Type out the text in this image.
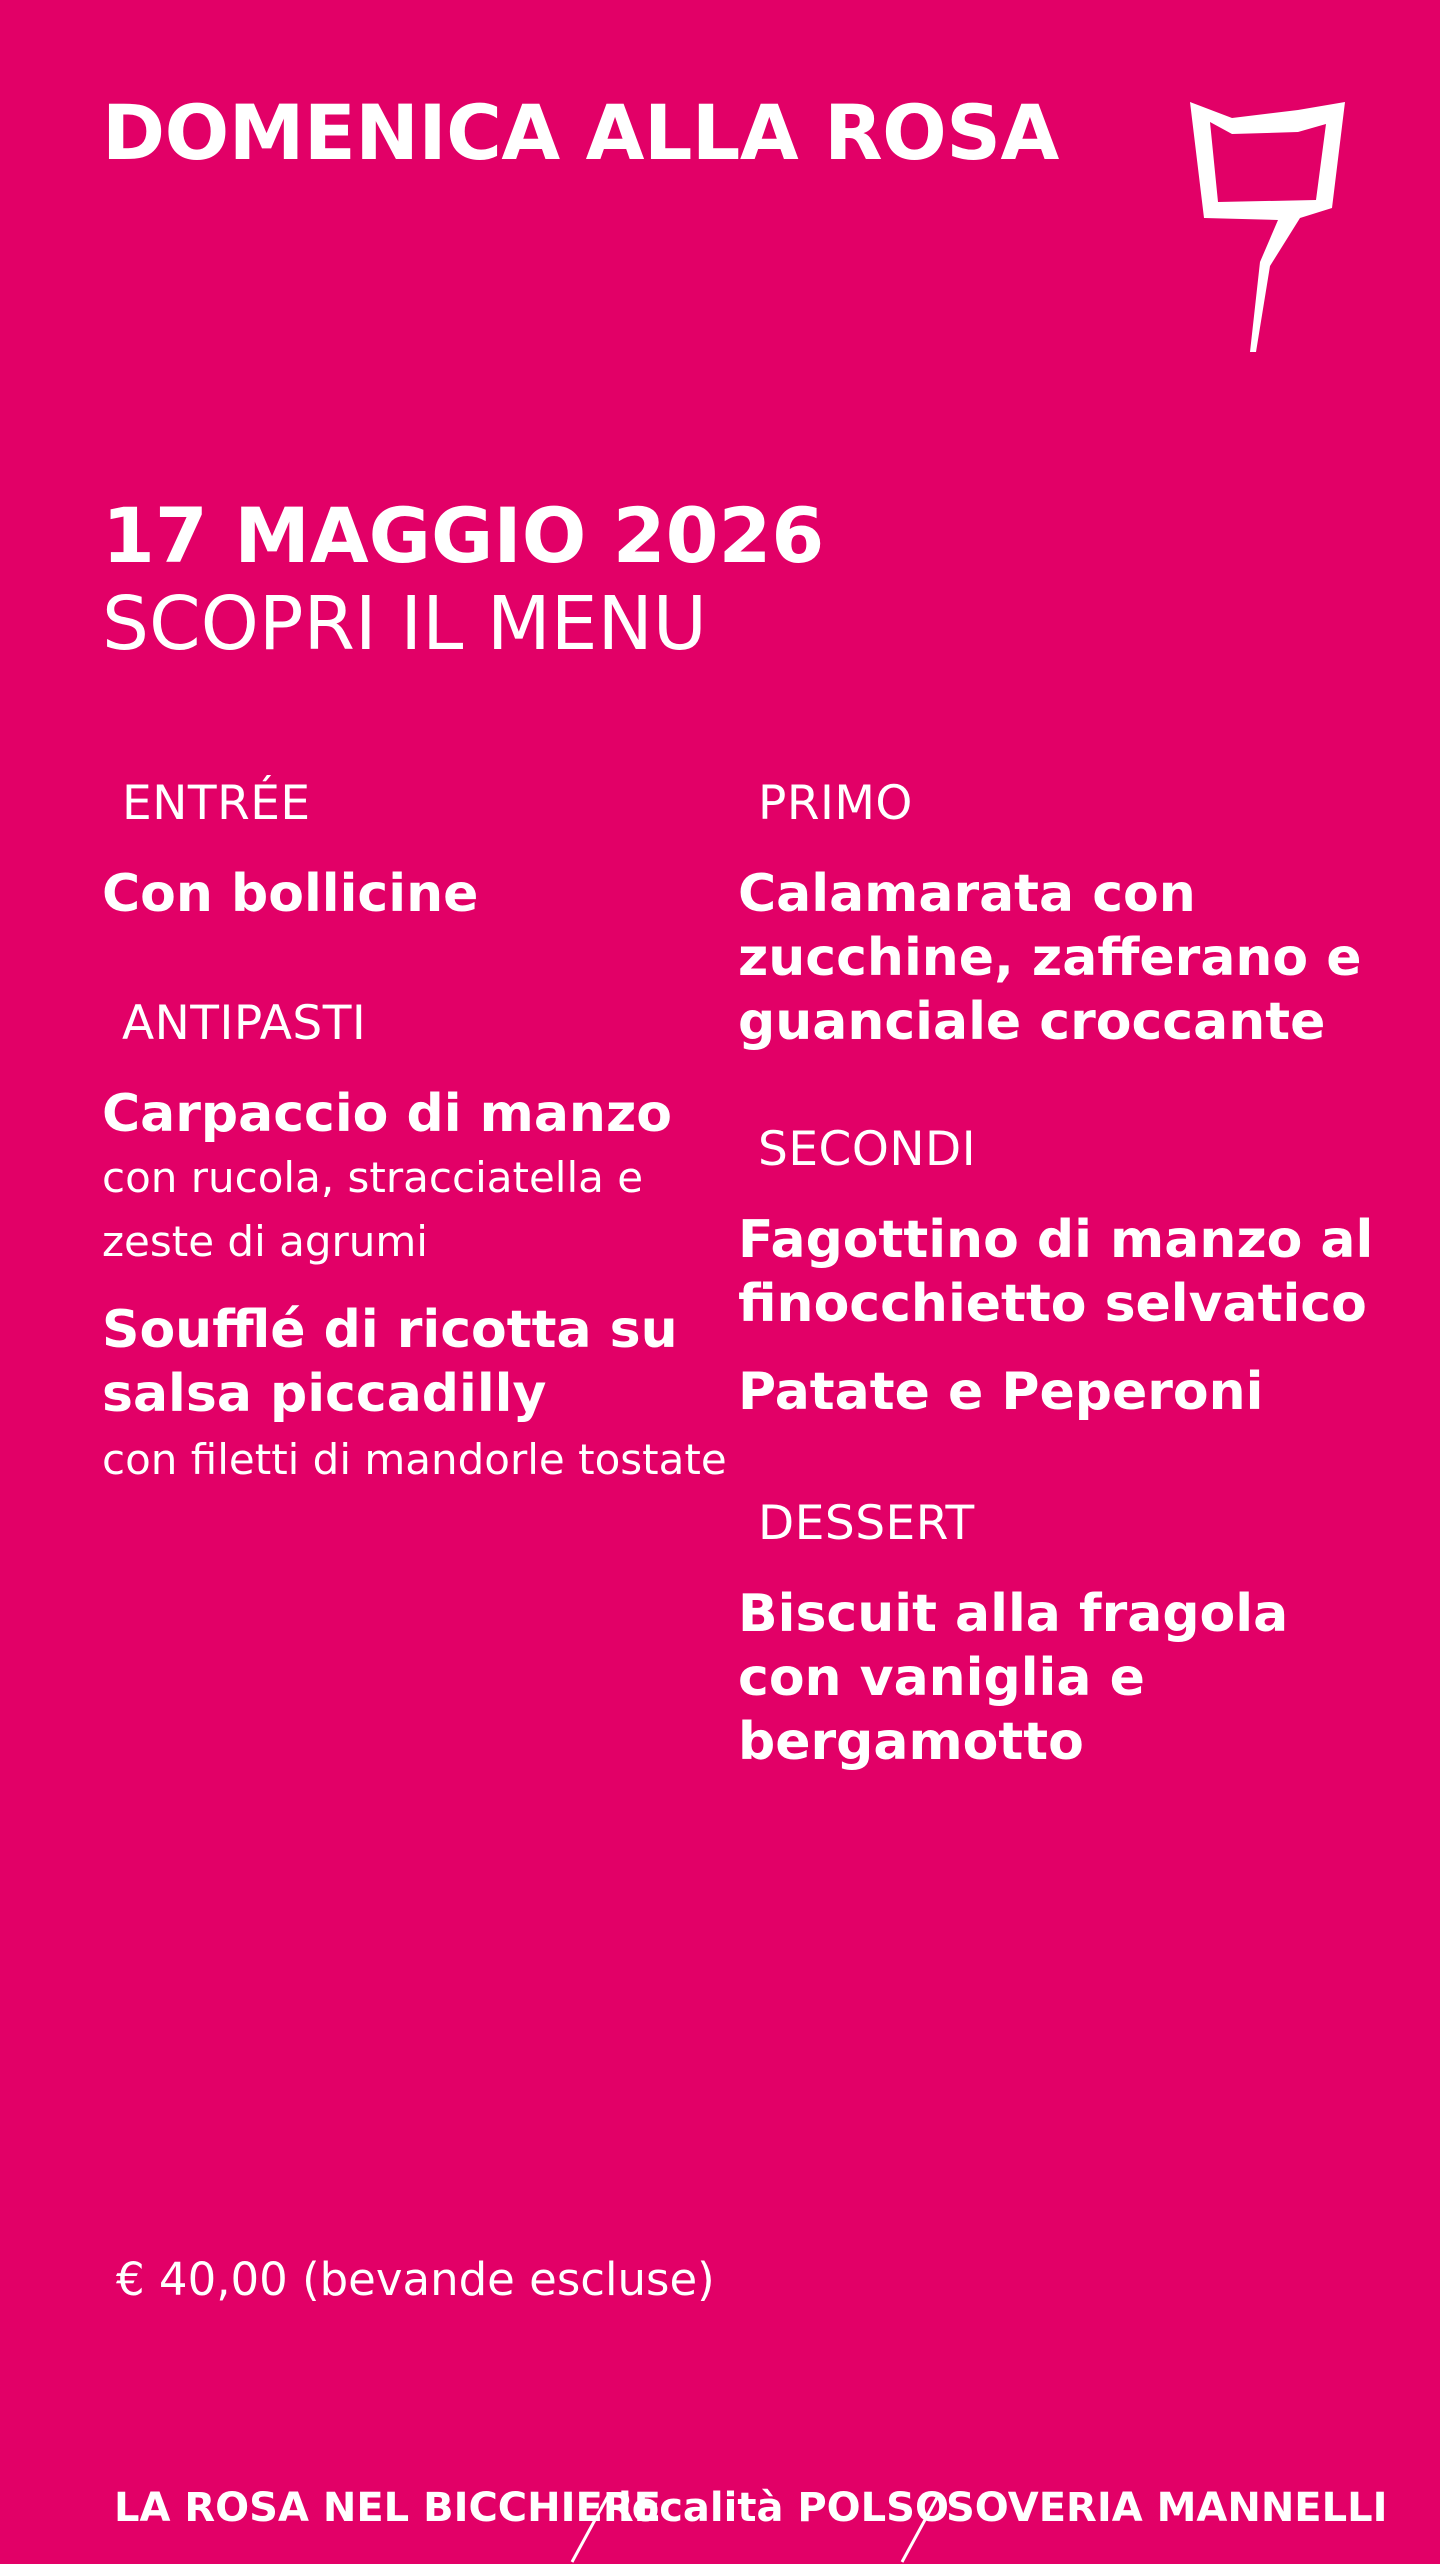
DOMENICA ALLA ROSA
17 MAGGIO 2026
SCOPRI IL MENU
ENTRÉE
Con bollicine
ANTIPASTI
Carpaccio di manzo
con rucola, stracciatella e zeste di agrumi
Soufflé di ricotta su salsa piccadilly
con filetti di mandorle tostate
PRIMO
Calamarata con zucchine, zafferano e guanciale croccante
SECONDI
Fagottino di manzo al finocchietto selvatico
Patate e Peperoni
DESSERT
Biscuit alla fragola con vaniglia e bergamotto
€ 40,00 (bevande escluse)
LA ROSA NEL BICCHIERE
località POLSO
SOVERIA MANNELLI
